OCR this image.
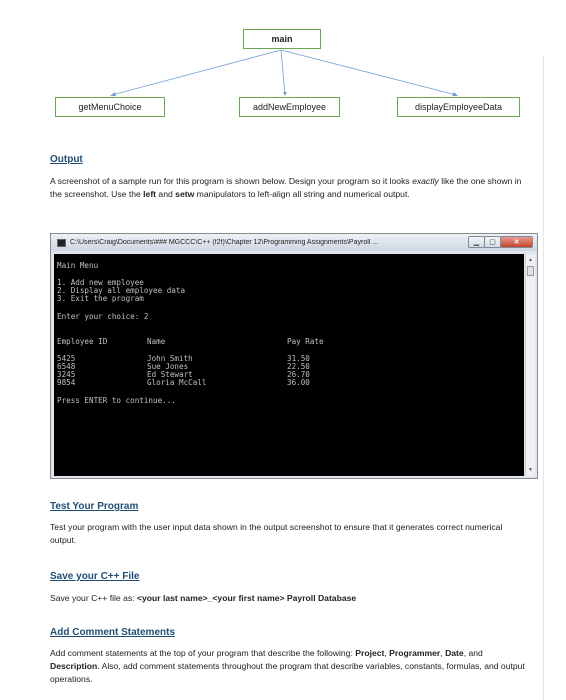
main
getMenuChoice	addNewEmployee	displayEmployeeData
Output
A screenshot of a sample run for this program is shown below. Design your program so it looks exactly like the one shown in the screenshot. Use the left and setw manipulators to left-align all string and numerical output.
C:\Users\Craig\Documents\### MGCCC\C++ (f2f)\Chapter 12\Programming Assignments\Payroll ...	▁ ▢	✕
Main Menu
1. Add new employee
2. Display all employee data
3. Exit the program
Enter your choice: 2
Employee ID	Name	Pay Rate
5425	John Smith	31.50
6548	Sue Jones	22.50
3245	Ed Stewart	26.70
9854	Gloria McCall	36.00
Press ENTER to continue...
▲
▼
Test Your Program
Test your program with the user input data shown in the output screenshot to ensure that it generates correct numerical output.
Save your C++ File
Save your C++ file as: <your last name>_<your first name> Payroll Database
Add Comment Statements
Add comment statements at the top of your program that describe the following: Project, Programmer, Date, and Description. Also, add comment statements throughout the program that describe variables, constants, formulas, and output operations.
